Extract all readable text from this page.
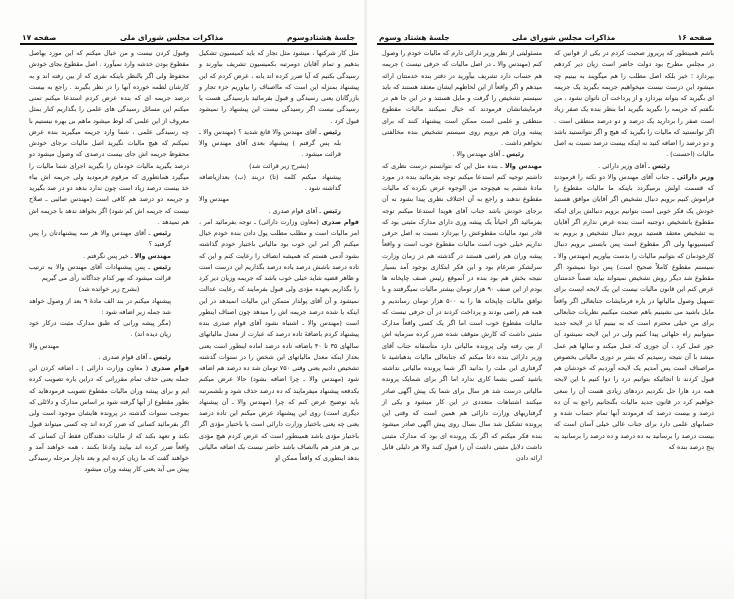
جلسهٔ هشتادوسوم
مذاکرات مجلس شورای ملی
صفحه ۱۷

مثل کار شرکتها ، میشود مثل تجار که باید کمیسیون تشکیل بدهیم و تمام آقایان دومرتبه بکمیسیون تشریف بیاورند و رسیدگی بکنیم که آیا ضرر کرده اند یانه ، عرض کردم که این پیشنهاد بمنزله این است که مااصناف را بیاوریم جزء تجار و بازرگانان یعنی رسیدگی و قبول بفرمائید بارسیدگی هست یا رسیدگی نیست اگر رسیدگی نیست این پیشنهاد را نمیشود قبول کرد .

رئیس ـ آقای مهندس والا قانع شدید ؟ (مهندس والا ـ بله پس گرفتم ) پیشنهاد بعدی آقای مهندس والا قرائت میشود .

(بشرح زیر قرائت شد)

پیشنهاد میکنم کلمه (تا) دربند (ب) بعدازیاضافه گذاشته شود .

مهندس والا

رئیس ـ آقای قوام صدری .

قوام صدری (معاون وزارت دارائی) ـ توجه بفرمائید امر ، امر مالیات است و مطلب مطلب پول دادن بنده خودم خیال میکنم اگر امر این خوب بود مالیاتی باختیار خودم گذاشته بشود آدمی هستم که همیشه انصاف را رعایت کنم و این که تاده درصد باشش درصد یاده درصد بگذاریم این درست است و ظاهر قضیه شاید خیلی خوب باشد که جریمه وزیان دیر کرد را بگذاریم بعهده مؤدی ولی قبول بفرمایند که رعایت عدالت نمیشود و آن آقای پولدار متمکن این مالیات انمیدهد در این اینکه یا شده درصد جریمه اش را میدهد چون اصناف اینطور است (مهندس والا ـ اشتباه نشود آقای قوام صدری بنده پیشنهاد کردم باضافهٔ تاده درصد که عبارت از معدل مالیاتهای سالهای ۳۵ تا ۴۰ باضافه تاده درصد اماده اینطور است یعنی بعداز اینکه معدل مالیاتهای این شخص را در سنوات گذشته تشخیص دادیم یعنی وقتی ۷۵۰ تومان شد ده درصد هم اضافه شود (مهندس والا ـ چرا اضافه بشود) حالا عرض میکنم یکدفعه پیشنهاد میفرمایند که ده درصد حذف شود و بلشمرتبه باید توضیح عرض کنم که چرا (مهندس والا ـ آن پیشنهاد دیگری است) روی این پیشنهاد عرض میکنم این تاده درصد یعنی چه یعنی باختیار وزارت دارائی است یا باختیار مؤدی اگر باختیار مؤدی باشد همینطور است که عرض کردم هیچ مؤدی بی هر قدر هم باانصاف باشد حاضر نیست یک اضافه مالیاتی بدهد اینطوری که واقعاً ممکن او

وقبول کردن نیست و من خیال میکنم که این مورد بهاصل مقطوع بودن خدشه وارد نمیآورد . اصل مقطوع بجای خودش محفوظ ولی اگر بالنظر باینکه نفری که از بین رفته اند و به کارشان لطمه خورده آنها را در نظر بگیرند . راجع به بیست درصد جریمه ای که بنده عرض کردم استدعا میکنم تمنی میکنم این مسائل رسیدگی های علمی را بگذاریم کنار بمثل معروف از این علمی که لوط میشود ماهم بی بهره نیستیم با چه رسیدگی علمی ، شما وارد جریمه میگیرید بنده عرض نمیکنم که هیچ مالیات نگیرید اصل مالیات برجای خودش محفوظ جریمه اش جای بیست درصدی که وصول میشود دو درصد بگیرید مالیات خودمان را بگیرید اجرای شما مالیات را میگیرد همانطوری که مرقوم فرمودید ولی جریمه اش بیاء خذ بیست درصد زیاد است چون ندارد بدهد دو در صد بگیرید و جریمه دو درصد هم کافی است (مهندس صائبی ـ صلاح نیست که جریمه اش کم شود) اگر بخواهد ندهد با جریمه اش هم نمیدهد .

رئیس ـ آقای مهندس والا هر سه پیشنهادتان را پس گرفتید ؟

مهندس والا ـ خیر پس نگرفتم .

رئیس ـ پس پیشنهادات آقای مهندس والا به ترتیب قرائت میشود که بهر کدام جداگانه رأی می گیریم

(بشرح زیر خوانده شد)

پیشنهاد میکنم در بند الف مادهٔ ۹ بعد از وصول خواهد شد جمله زیر اضافه شود :

(مگر پیشه ورانی که طبق مدارک مثبت درکار خود زیان دیده اند) .

مهندس والا

رئیس ـ آقای قوام صدری .

قوام صدری ( معاون وزارت دارائی ) ـ اضافه کردن این جمله یعنی حذف تمام مقرراتی که دراین باره تصویب کرده ایم و برای پیشه وران مالیات مقطوع تصویب فرمودهاید که بطور مقطوع از آنها گرفته شود بر اساس مدارک و دلائلی که بموجب سنوات گذشته در پرونده هایشان موجود است ولی اگر بفرمائید کسانی که ضرر کرده اند چه کسی میتواند قبول بکند و تعهد بکند که از مالیات دهندگان فقط آن کسانی که واقعاً ضرر کرده اند بیایند وادعا بکنند ، همه خواهند آمد و خواهند گفت که ما زیان کرده ایم و بعد ناچار مرحله رسیدگی پیش می آید یعنی کار پیشه وران میشود

صفحه ۱۶
مذاکرات مجلس شورای ملی
جلسهٔ هشتاد وسوم

باشم همینطور که پریروز صحبت کردم در یکی از قوانین که در مجلس مطرح بود دولت حاضر است زیان دیر کردهم بپردازد ؛ خیر بلکه اصل مطلب را هم میگویند به بینیم چه میشود این درست نیست میخواهیم جریمه بگیرید یک جریمه ای بگیرید که بتواند بپردازد و از پرداخت آن ناتوان نشود ، من نگفتم که جریمه را نگیرید بگیرید اما بنظر بنده یک صفر زیاد است صفر را بردارید یک درصد و دو درصد منطقی است . اگر توانستید که مالیات را بگیرید که هیچ و اگر نتوانستید باشد و دو درصد را اضافه کنید نه اینکه بیست درصد نسبت به اصل مالیات (احسنت) .

رئیس ـ آقای وزیر دارائی .

وزیر دارائی ـ جناب آقای مهندس والا دو نکته را فرمودند که قسمت اولش برمیگردد باینکه ما مالیات مقطوع را فراموش کنیم برویم دنبال تشخیص اگر آقایان موافق هستید خودش یک فکر خوبی است بتوانیم برویم دنبالش برای اینکه مقطوع باتشخیص دوجنبه است بنده عرض ندارم اگر آقایان به تشخیص معتقد هستید برویم دنبال تشخیص و برویم به کمیسیونها ولی اگر مقطوع است پس بایستی برویم دنبال کارخودمان که بتوانیم مالیات را بدست بیاوریم (مهندس والا ـ سیستم مقطوع کاملاً صحیح است) پس دوتا نمیشود اگر مقطوع شد دیگر روش تشخیص نمیتواند بیاید ضمناً خدمتتان عرض کنم این قانون مالیات نیست این یک لایحه ایست برای تسهیل وصول مالیاتها در باره فرمایشات جنابعالی اگر واقعاً مایل باشید می نشینیم باهم صحبت میکنیم نظریات جنابعالی برای من خیلی محترم است که به بینیم آیا در لایحه جدید میتوانیم راه حلهائی پیدا کنیم ولی در این لایحه نمیشود آن جور عمل کرد ، آن جوری که عمل میکند و سالها هم عمل میشد با آن نتیجه رسیدیم که بشر بر دوری مالیاتی بخصوص مراصناف است پس آمدیم یک لایحه آوردیم که خودشان هم قبول کردند تا انجائیکه بتوانیم درد را دوا کنیم با این لایحه همه درد هارا حل نکردیم دردهای زیادی هست آن را سعی خواهیم کرد در قانون جدید مالیات بگنجانیم راجع به آن ده درصد و بیست درصد که فرمودند آنها تمام حساب شده و حسابهای علمی دارد برای جناب عالی خیلی آسان است که بیست درصد را برسانید به ده درصد و ده درصد را برسانید به پنج درصد بنده که

مسئولیتی از نظر وزیر دارائی دارم که مالیات خودم را وصول کنم (مهندس والا ـ در اصل مالیات که حرفی نیست ) جریمه هم حساب دارد تشریف بیآورید در دفتر بنده خدمتتان ارائه میدهم و اگر واقعاً از این لحاظهم ایشان معتقد هستند که باید سیستم تشخیص را گرفت و مایل هستند و در این جا هم در فرمایشاتشان فرمودند که خیال نمیکنند مالیات مقطوع منطقی و علمی است ممکن است پیشنهاد کنند که برای پیشه وران هم برویم روی سیستم تشخیص بنده مخالفتی نخواهم داشت .

رئیس ـ آقای مهندس والا .

مهندس والا ـ بنده مثل این که نتوانستم درست نظری که داشتم توجیه کنم استدعا میکنم توجه بفرمائید بنده در مورد مادهٔ ششم به هیچوجه من الوجوه عرض نکرده که مالیات مقطوع ندهند و راجع به آن اختلاف نظری پیدا بشود نه آن برجای خودش باشد جناب آقای هویدا استدعا میکنم توجه بفرمائید اگر احیاناً یک پیشه وری دارای مدارک مثبتی بود که قادر نبود مالیات مقطوعش را بپردازد نسبت به اصل حرفی نداریم خیلی خوب است مالیات مقطوع خوب است و واقعاً پیشه وران هم راضی هستند در گذشته هم در زمان وزارت سرلشکر ضرغام بود و این فکر ابتکاری بوجود آمد بسیار نتیجه بخش هم بود بنده در آنموقع رئیس صنف چاپخانه ها بودم از این صنف ۹۰ هزار تومان بیشتر مالیات نمیگرفتند و با توافق مالیات چاپخانه ها را به ۵۰۰ هزار تومان رساندیم و همه هم راضی بودند و پرداخت کردند در آن حرفی نیست که مالیات مقطوع خوب است اما اگر یک کسی واقعاً مدارک مثبتی داشت که کارش متوقف شده ضرر کرده سرمایه اش از بین رفته ولی پرونده مالیاتی دارد متأسفانه جناب آقای وزیر دارائی بنده دعا میکنم که جنابعالی مالیات بدهباشید تا گرفتاری این ملت را بدانید اگر شما پرونده مالیاتی نداشته باشید کسی بشما کاری ندارد اما اگر برای شمایک پرونده مالیاتی درست شد هر سال برای شما یک پیش آگهی صادر میکنند اشتباهات متعددی در این کار میشود و یکی از گرفتاریهای وزارت دارائی هم همین است که وقتی این پرونده تشکیل شد سال بسال روی پیش آگهی صادر میشود بنده فکر میکنم که اگر یک پرونده ای بود که مدارک مثبتی داشت دلایل مثبتی داشت آن را قبول کنند والا هر دلیلی قابل ارائه دادن
